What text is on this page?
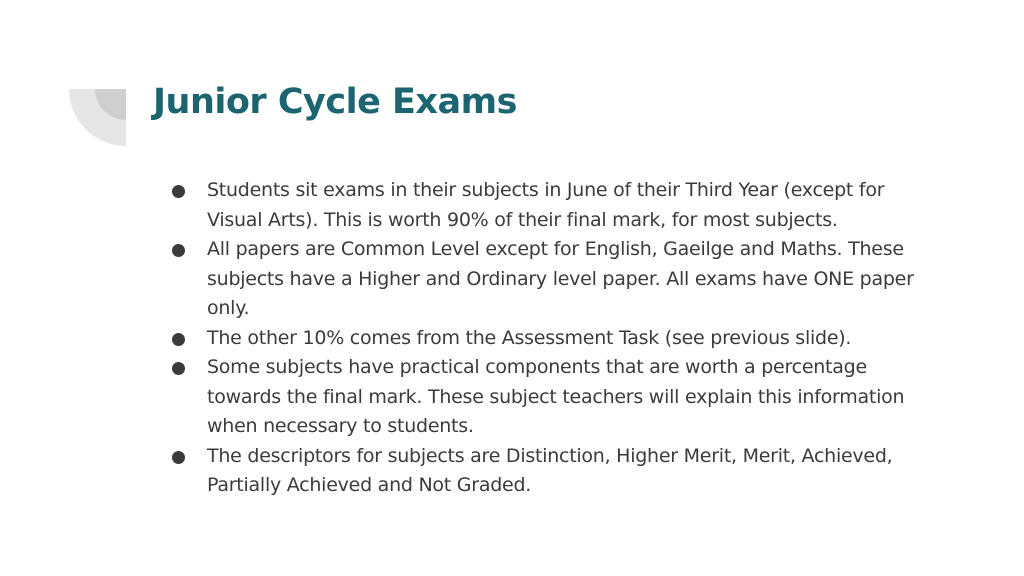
Junior Cycle Exams
Students sit exams in their subjects in June of their Third Year (except for Visual Arts). This is worth 90% of their final mark, for most subjects.
All papers are Common Level except for English, Gaeilge and Maths. These subjects have a Higher and Ordinary level paper. All exams have ONE paper only.
The other 10% comes from the Assessment Task (see previous slide).
Some subjects have practical components that are worth a percentage towards the final mark. These subject teachers will explain this information when necessary to students.
The descriptors for subjects are Distinction, Higher Merit, Merit, Achieved, Partially Achieved and Not Graded.
